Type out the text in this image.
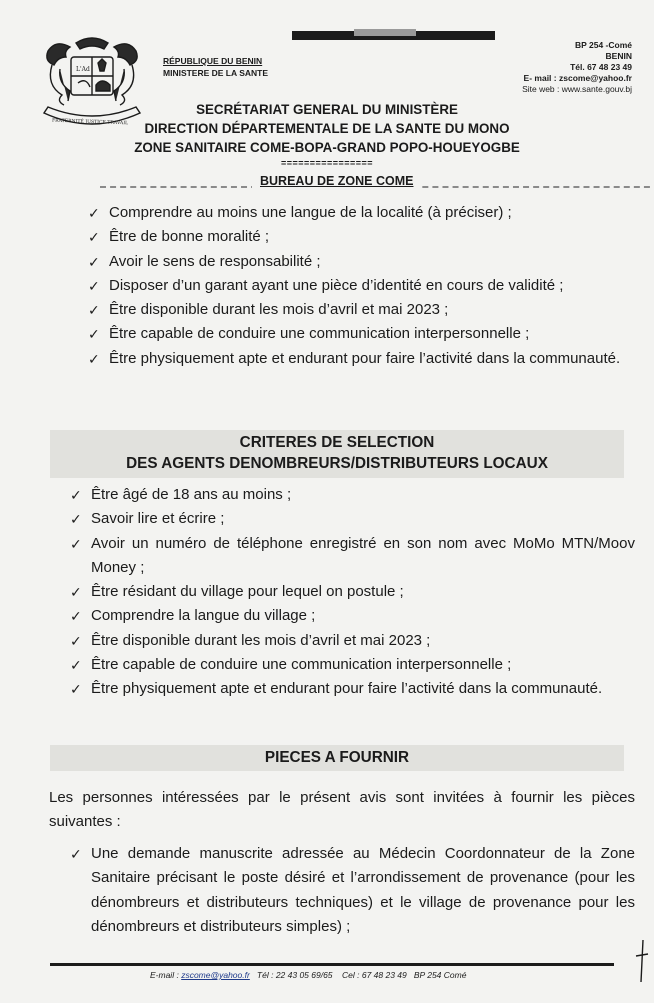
L'Ad
FRATERNITÉ JUSTICE TRAVAIL
RÉPUBLIQUE DU BENIN
MINISTERE DE LA SANTE
BP 254 -Comé
BENIN
Tél. 67 48 23 49
E- mail : zscome@yahoo.fr
Site web : www.sante.gouv.bj
SECRÉTARIAT GENERAL DU MINISTÈRE
DIRECTION DÉPARTEMENTALE DE LA SANTE DU MONO
ZONE SANITAIRE COME-BOPA-GRAND POPO-HOUEYOGBE
================
BUREAU DE ZONE COME
✓ Comprendre au moins une langue de la localité (à préciser) ;
✓ Être de bonne moralité ;
✓ Avoir le sens de responsabilité ;
✓ Disposer d’un garant ayant une pièce d’identité en cours de validité ;
✓ Être disponible durant les mois d’avril et mai 2023 ;
✓ Être capable de conduire une communication interpersonnelle ;
✓ Être physiquement apte et endurant pour faire l’activité dans la communauté.
CRITERES DE SELECTION
DES AGENTS DENOMBREURS/DISTRIBUTEURS LOCAUX
✓ Être âgé de 18 ans au moins ;
✓ Savoir lire et écrire ;
✓ Avoir un numéro de téléphone enregistré en son nom avec MoMo MTN/Moov Money ;
✓ Être résidant du village pour lequel on postule ;
✓ Comprendre la langue du village ;
✓ Être disponible durant les mois d’avril et mai 2023 ;
✓ Être capable de conduire une communication interpersonnelle ;
✓ Être physiquement apte et endurant pour faire l’activité dans la communauté.
PIECES A FOURNIR
Les personnes intéressées par le présent avis sont invitées à fournir les pièces suivantes :
✓ Une demande manuscrite adressée au Médecin Coordonnateur de la Zone Sanitaire précisant le poste désiré et l’arrondissement de provenance (pour les dénombreurs et distributeurs techniques) et le village de provenance pour les dénombreurs et distributeurs simples) ;
E-mail : zscome@yahoo.fr Tél : 22 43 05 69/65 Cel : 67 48 23 49 BP 254 Comé
